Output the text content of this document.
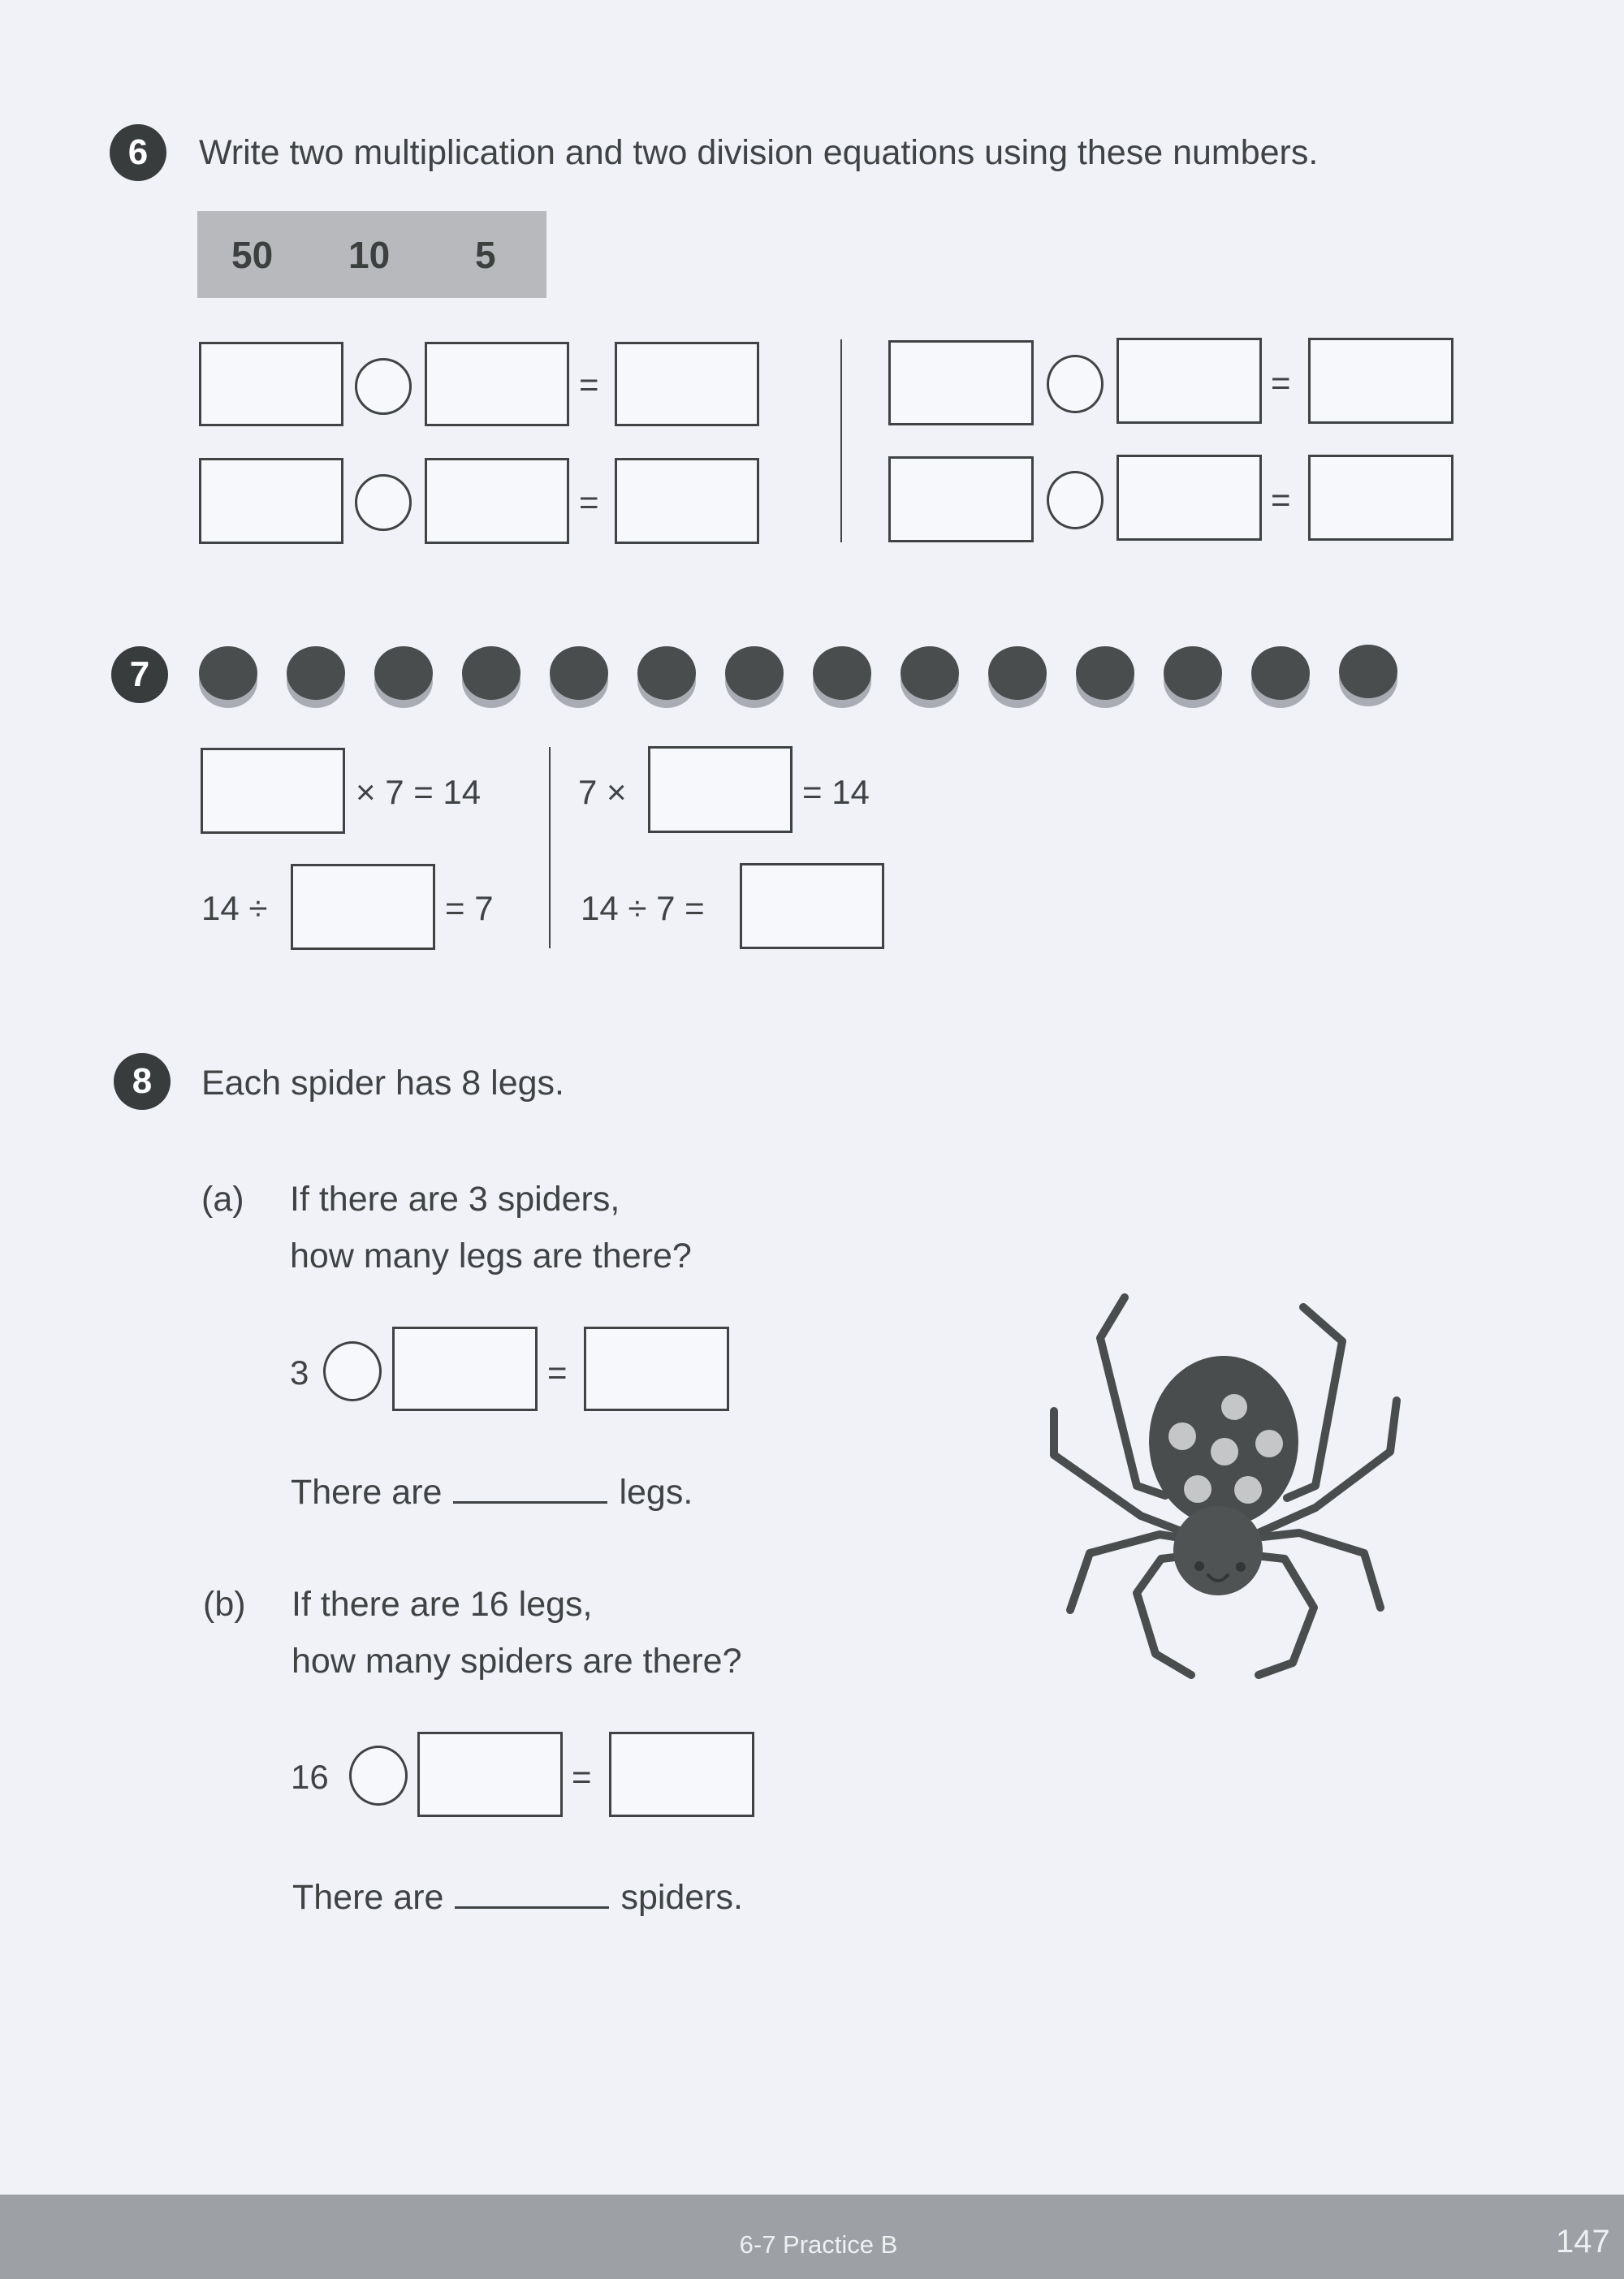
6	Write two multiplication and two division equations using these numbers.
50 10 5
=
=
=
=
7
× 7 = 14	7 ×	= 14
14 ÷	= 7	14 ÷ 7 =
8	Each spider has 8 legs.
(a) If there are 3 spiders,
how many legs are there?
3	=
There are	legs.
(b) If there are 16 legs,
how many spiders are there?
16	=
There are	spiders.
6-7 Practice B	147
